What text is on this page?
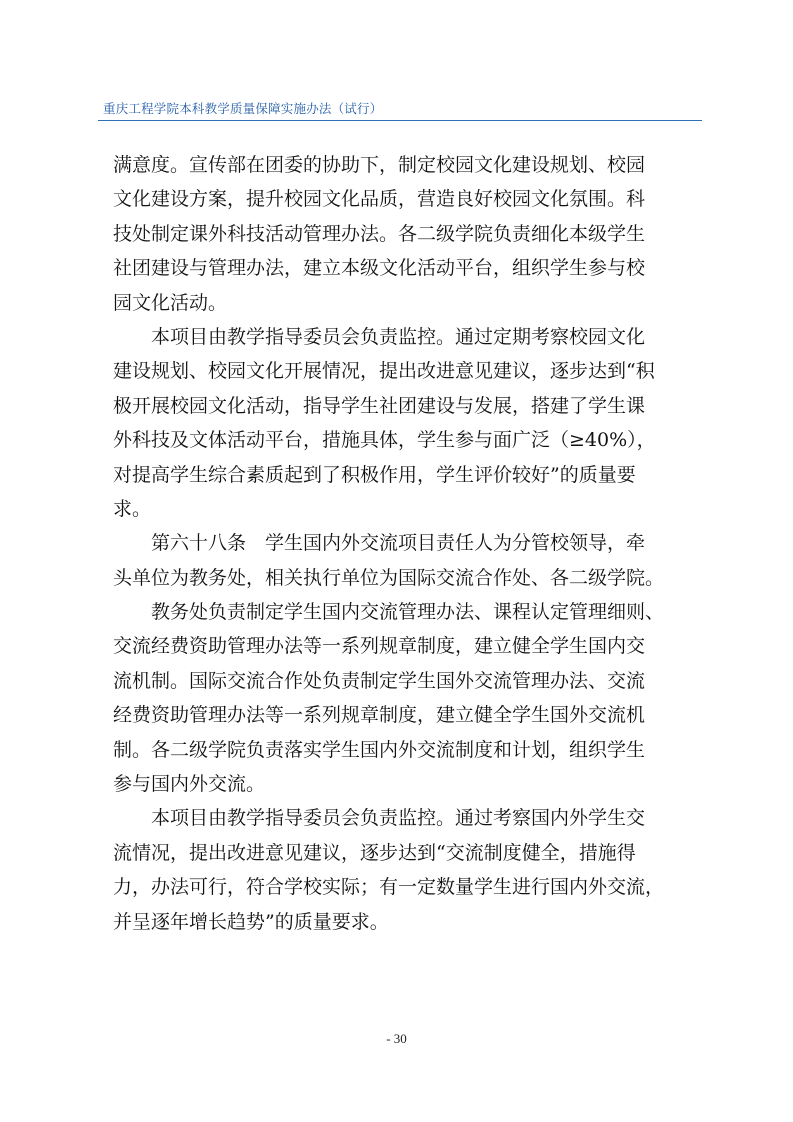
重庆工程学院本科教学质量保障实施办法（试行）
满意度。宣传部在团委的协助下，制定校园文化建设规划、校园
文化建设方案，提升校园文化品质，营造良好校园文化氛围。科
技处制定课外科技活动管理办法。各二级学院负责细化本级学生
社团建设与管理办法，建立本级文化活动平台，组织学生参与校
园文化活动。
　　本项目由教学指导委员会负责监控。通过定期考察校园文化
建设规划、校园文化开展情况，提出改进意见建议，逐步达到“积
极开展校园文化活动，指导学生社团建设与发展，搭建了学生课
外科技及文体活动平台，措施具体，学生参与面广泛（≥40%），
对提高学生综合素质起到了积极作用，学生评价较好”的质量要
求。
　　第六十八条　学生国内外交流项目责任人为分管校领导，牵
头单位为教务处，相关执行单位为国际交流合作处、各二级学院。
　　教务处负责制定学生国内交流管理办法、课程认定管理细则、
交流经费资助管理办法等一系列规章制度，建立健全学生国内交
流机制。国际交流合作处负责制定学生国外交流管理办法、交流
经费资助管理办法等一系列规章制度，建立健全学生国外交流机
制。各二级学院负责落实学生国内外交流制度和计划，组织学生
参与国内外交流。
　　本项目由教学指导委员会负责监控。通过考察国内外学生交
流情况，提出改进意见建议，逐步达到“交流制度健全，措施得
力，办法可行，符合学校实际；有一定数量学生进行国内外交流，
并呈逐年增长趋势”的质量要求。
- 30
